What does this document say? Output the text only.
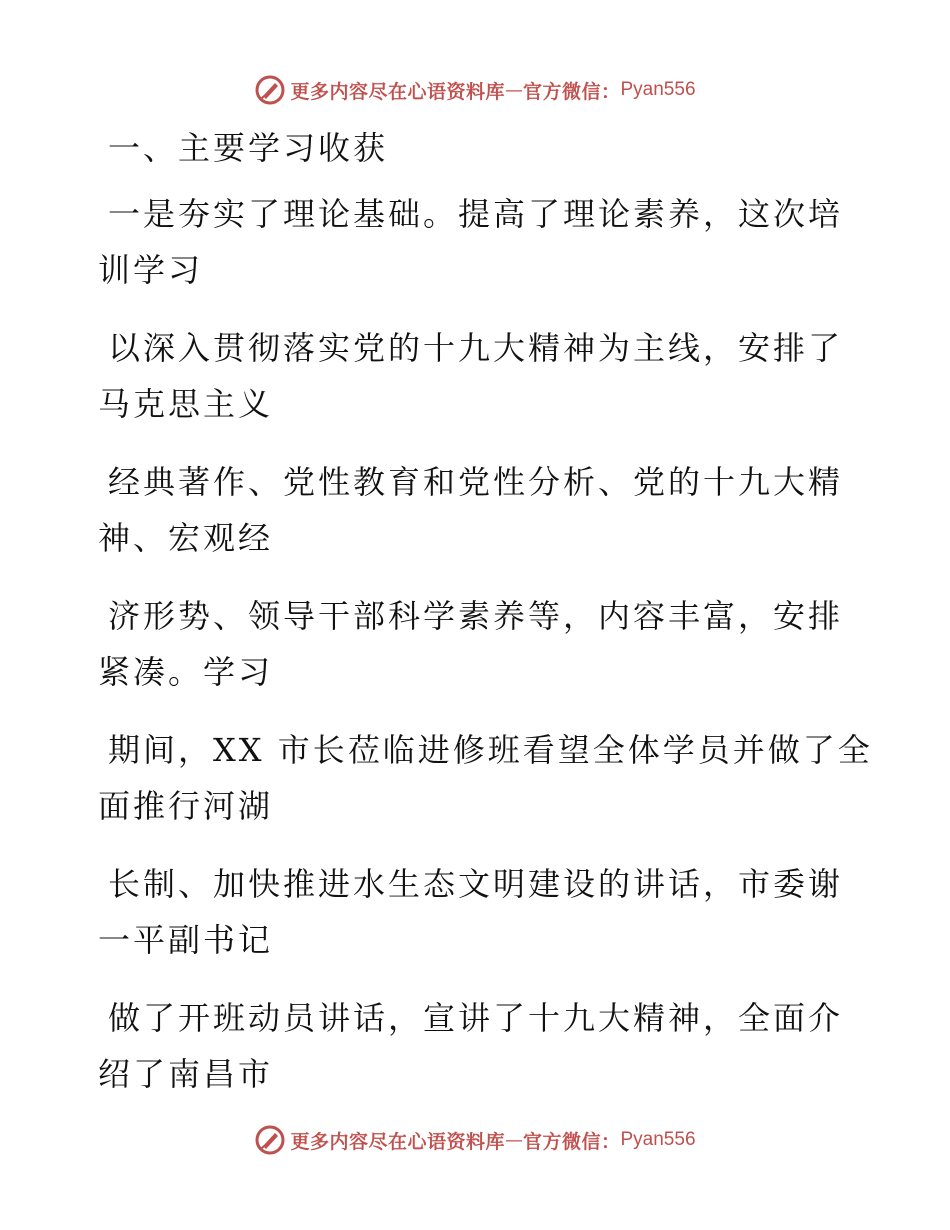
更多内容尽在心语资料库 — 官方微信： Pyan556
一、主要学习收获
一是夯实了理论基础。提高了理论素养，这次培
训学习
以深入贯彻落实党的十九大精神为主线，安排了
马克思主义
经典著作、党性教育和党性分析、党的十九大精
神、宏观经
济形势、领导干部科学素养等，内容丰富，安排
紧凑。学习
期间，XX 市长莅临进修班看望全体学员并做了全
面推行河湖
长制、加快推进水生态文明建设的讲话，市委谢
一平副书记
做了开班动员讲话，宣讲了十九大精神，全面介
绍了南昌市
更多内容尽在心语资料库 — 官方微信： Pyan556
